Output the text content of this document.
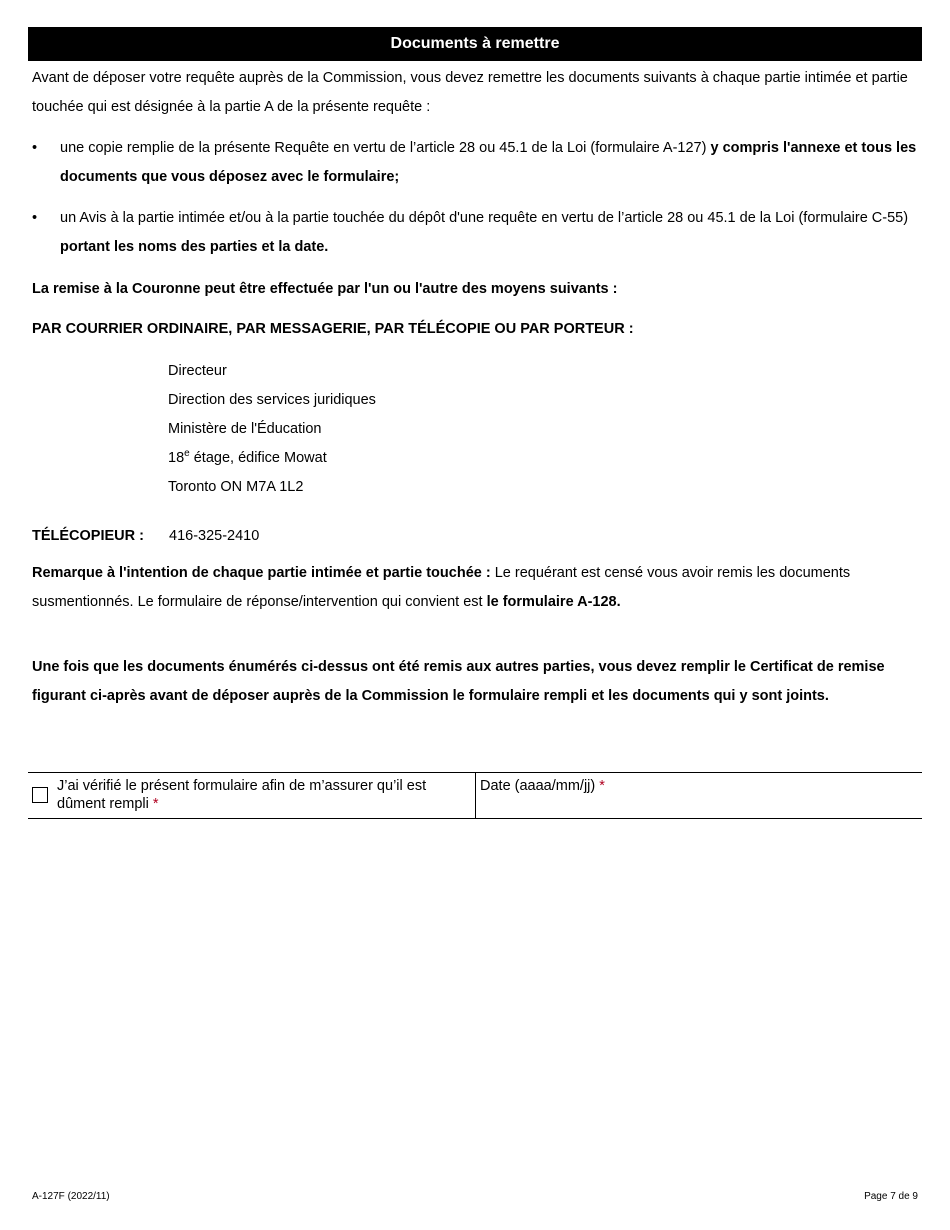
Documents à remettre
Avant de déposer votre requête auprès de la Commission, vous devez remettre les documents suivants à chaque partie intimée et partie touchée qui est désignée à la partie A de la présente requête :
• une copie remplie de la présente Requête en vertu de l’article 28 ou 45.1 de la Loi (formulaire A-127) y compris l'annexe et tous les documents que vous déposez avec le formulaire;
• un Avis à la partie intimée et/ou à la partie touchée du dépôt d'une requête en vertu de l’article 28 ou 45.1 de la Loi (formulaire C-55) portant les noms des parties et la date.
La remise à la Couronne peut être effectuée par l'un ou l'autre des moyens suivants :
PAR COURRIER ORDINAIRE, PAR MESSAGERIE, PAR TÉLÉCOPIE OU PAR PORTEUR :
Directeur
Direction des services juridiques
Ministère de l'Éducation
18e étage, édifice Mowat
Toronto ON M7A 1L2
TÉLÉCOPIEUR : 416-325-2410
Remarque à l'intention de chaque partie intimée et partie touchée : Le requérant est censé vous avoir remis les documents susmentionnés. Le formulaire de réponse/intervention qui convient est le formulaire A-128.
Une fois que les documents énumérés ci-dessus ont été remis aux autres parties, vous devez remplir le Certificat de remise figurant ci-après avant de déposer auprès de la Commission le formulaire rempli et les documents qui y sont joints.
J’ai vérifié le présent formulaire afin de m’assurer qu’il est dûment rempli *
Date (aaaa/mm/jj) *
A-127F (2022/11)	Page 7 de 9
